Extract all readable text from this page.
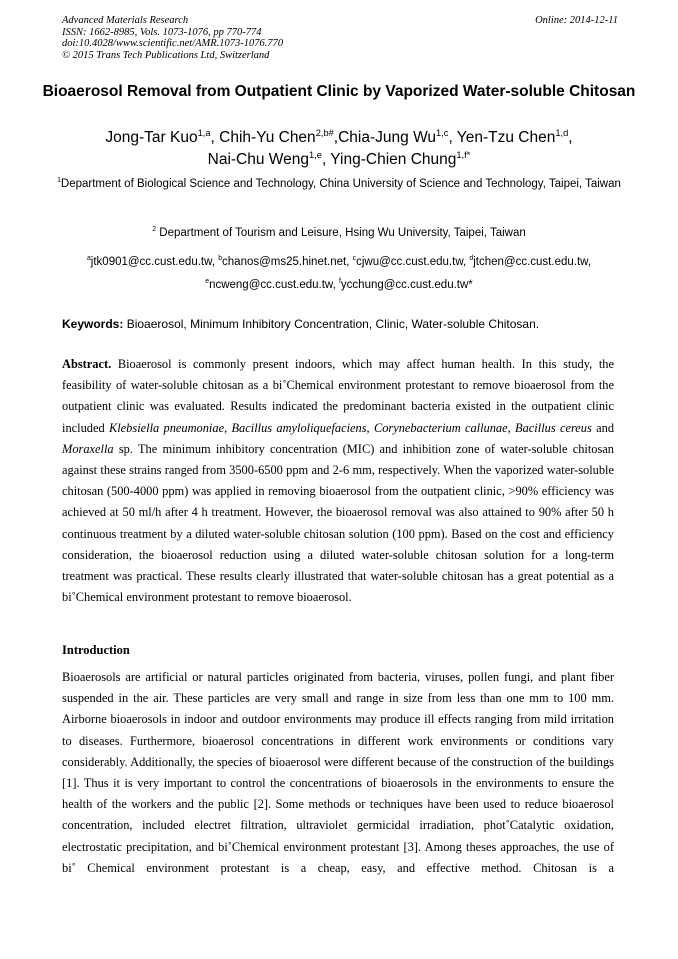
Advanced Materials Research
ISSN: 1662-8985, Vols. 1073-1076, pp 770-774
doi:10.4028/www.scientific.net/AMR.1073-1076.770
© 2015 Trans Tech Publications Ltd, Switzerland
Online: 2014-12-11
Bioaerosol Removal from Outpatient Clinic by Vaporized Water-soluble Chitosan
Jong-Tar Kuo$^{1,a}$, Chih-Yu Chen$^{2,b\#}$,Chia-Jung Wu$^{1,c}$, Yen-Tzu Chen$^{1,d}$,
Nai-Chu Weng$^{1,e}$, Ying-Chien Chung$^{1,f*}$
$^1$Department of Biological Science and Technology, China University of Science and Technology, Taipei, Taiwan
$^2$ Department of Tourism and Leisure, Hsing Wu University, Taipei, Taiwan
$^a$jtk0901@cc.cust.edu.tw, $^b$chanos@ms25.hinet.net, $^c$cjwu@cc.cust.edu.tw, $^d$jtchen@cc.cust.edu.tw,
$^e$ncweng@cc.cust.edu.tw, $^f$ycchung@cc.cust.edu.tw*
Keywords: Bioaerosol, Minimum Inhibitory Concentration, Clinic, Water-soluble Chitosan.
Abstract. Bioaerosol is commonly present indoors, which may affect human health. In this study, the feasibility of water-soluble chitosan as a bi˚Chemical environment protestant to remove bioaerosol from the outpatient clinic was evaluated. Results indicated the predominant bacteria existed in the outpatient clinic included Klebsiella pneumoniae, Bacillus amyloliquefaciens, Corynebacterium callunae, Bacillus cereus and Moraxella sp. The minimum inhibitory concentration (MIC) and inhibition zone of water-soluble chitosan against these strains ranged from 3500-6500 ppm and 2-6 mm, respectively. When the vaporized water-soluble chitosan (500-4000 ppm) was applied in removing bioaerosol from the outpatient clinic, >90% efficiency was achieved at 50 ml/h after 4 h treatment. However, the bioaerosol removal was also attained to 90% after 50 h continuous treatment by a diluted water-soluble chitosan solution (100 ppm). Based on the cost and efficiency consideration, the bioaerosol reduction using a diluted water-soluble chitosan solution for a long-term treatment was practical. These results clearly illustrated that water-soluble chitosan has a great potential as a bi˚Chemical environment protestant to remove bioaerosol.
Introduction
Bioaerosols are artificial or natural particles originated from bacteria, viruses, pollen fungi, and plant fiber suspended in the air. These particles are very small and range in size from less than one mm to 100 mm. Airborne bioaerosols in indoor and outdoor environments may produce ill effects ranging from mild irritation to diseases. Furthermore, bioaerosol concentrations in different work environments or conditions vary considerably. Additionally, the species of bioaerosol were different because of the construction of the buildings [1]. Thus it is very important to control the concentrations of bioaerosols in the environments to ensure the health of the workers and the public [2]. Some methods or techniques have been used to reduce bioaerosol concentration, included electret filtration, ultraviolet germicidal irradiation, phot˚Catalytic oxidation, electrostatic precipitation, and bi˚Chemical environment protestant [3]. Among theses approaches, the use of bi˚ Chemical environment protestant is a cheap, easy, and effective method. Chitosan is a
